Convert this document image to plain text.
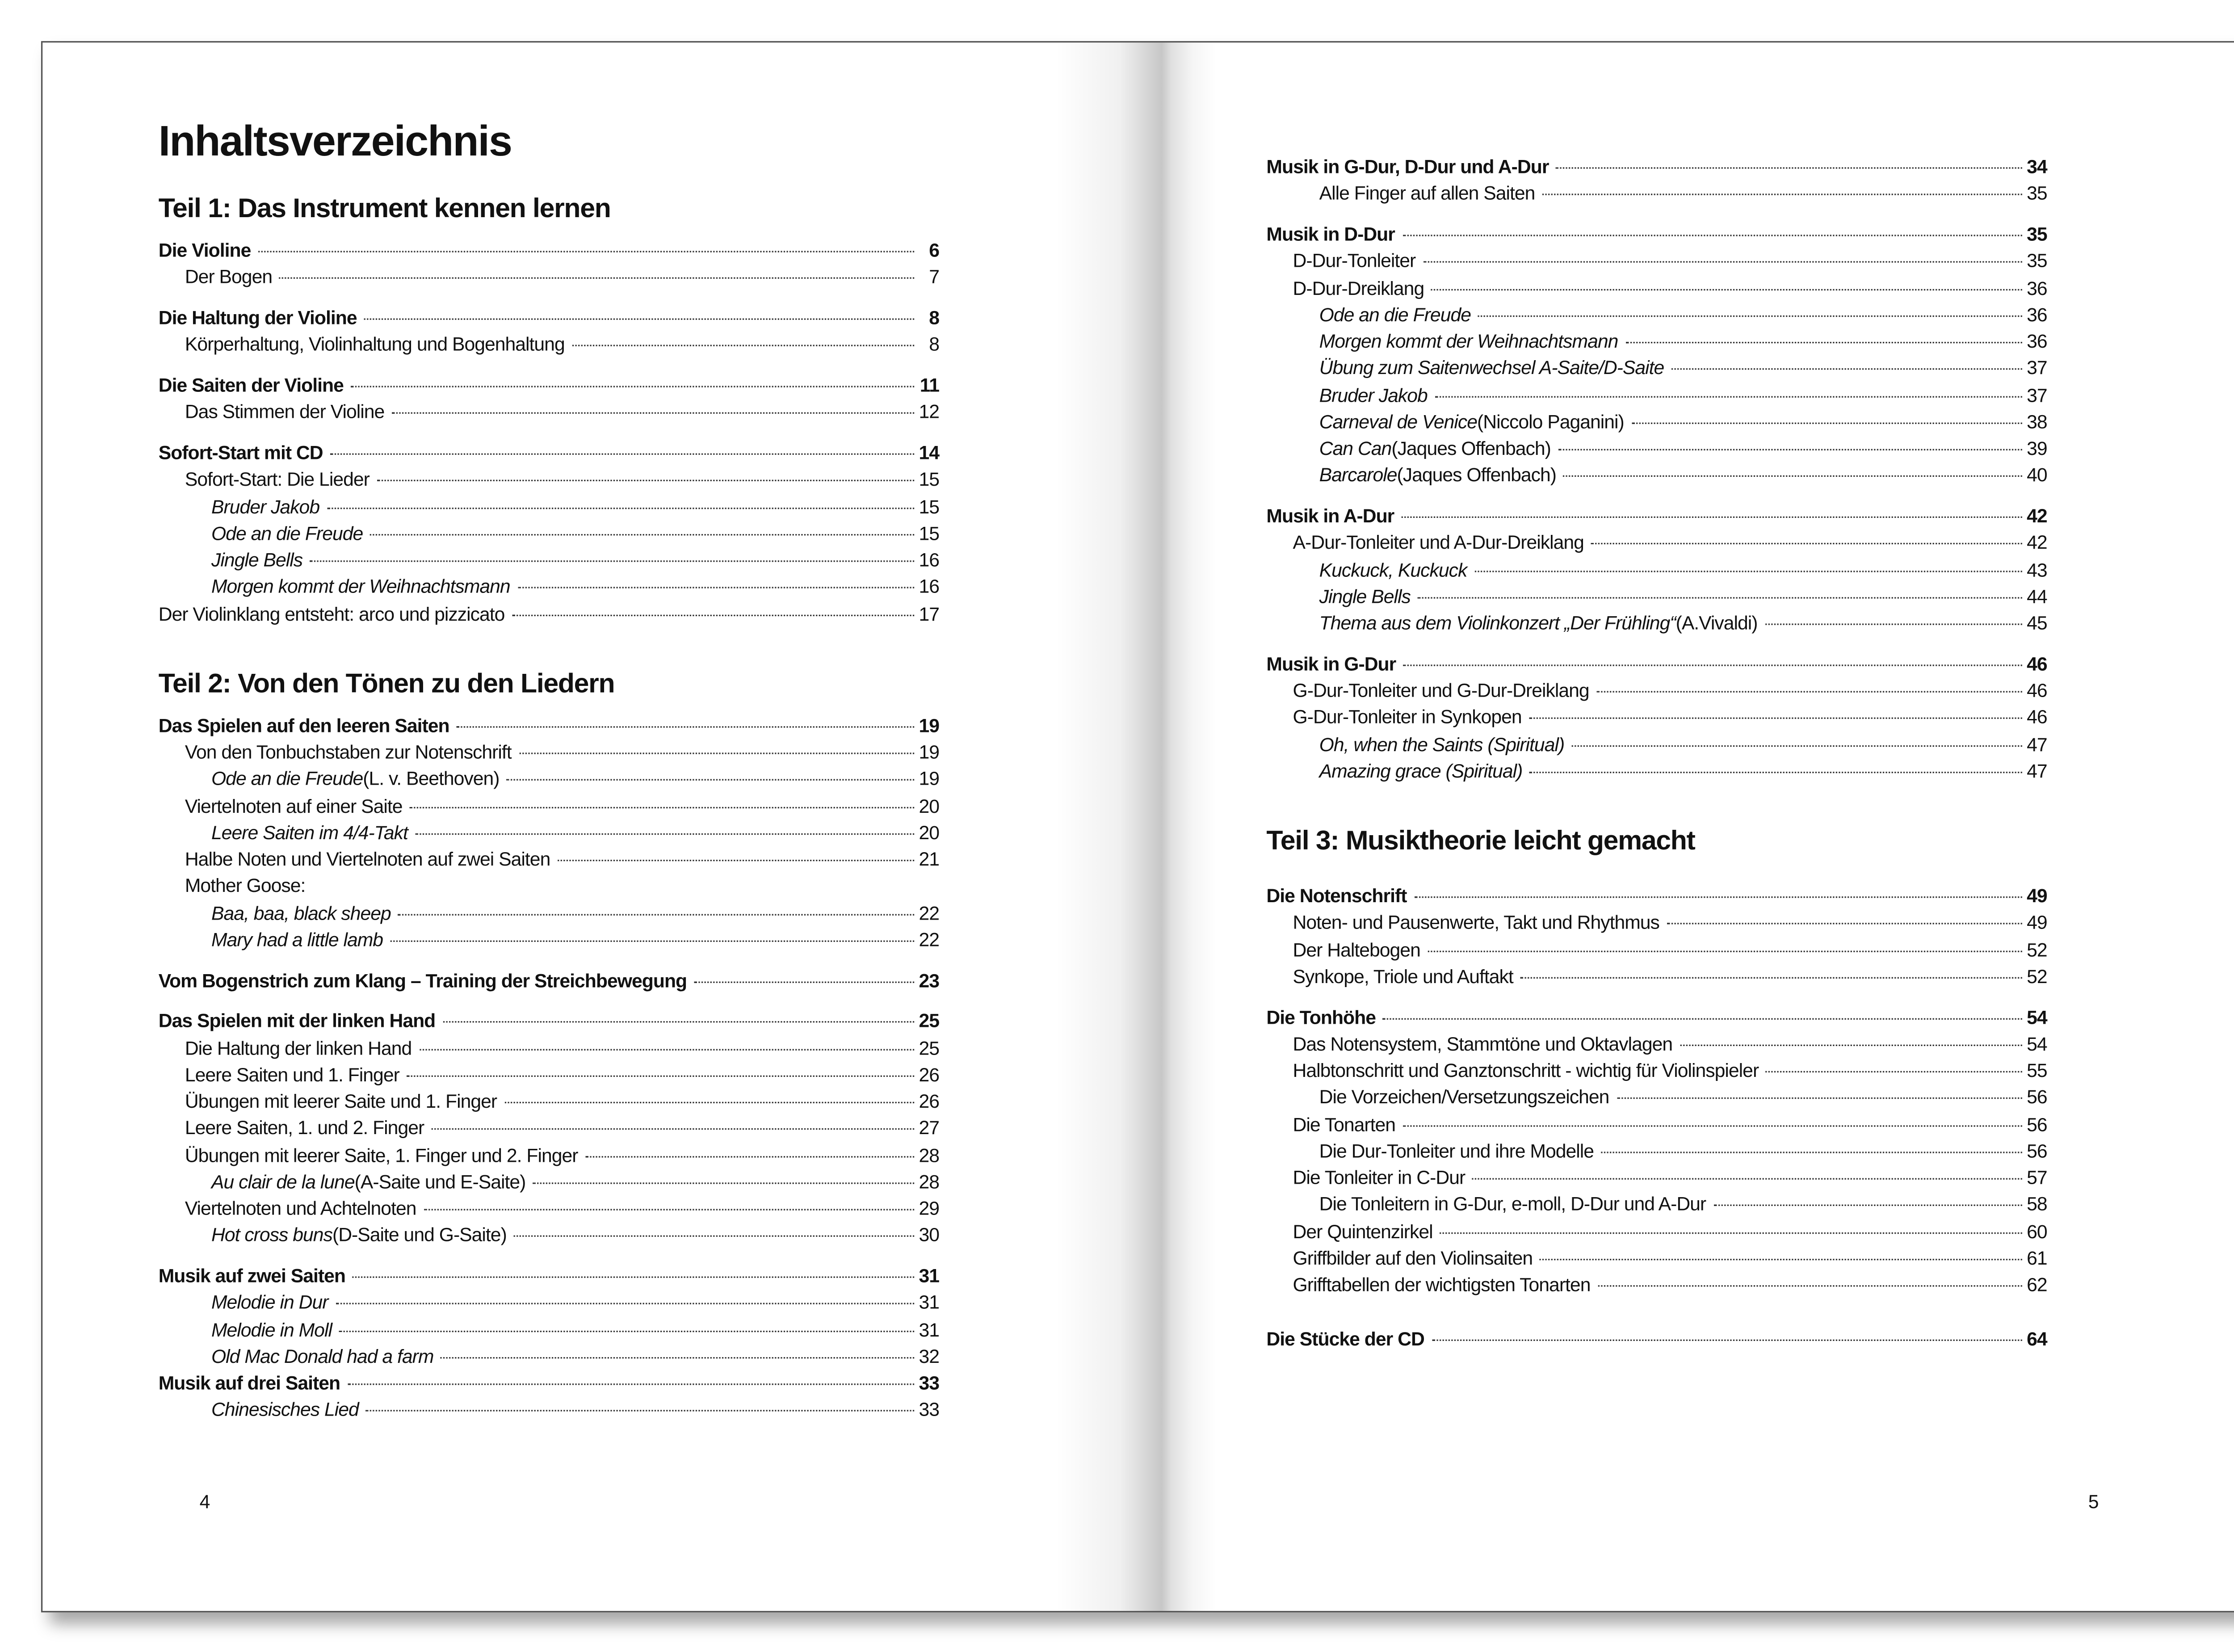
Inhaltsverzeichnis
Teil 1: Das Instrument kennen lernen
Die Violine	6
Der Bogen	7
Die Haltung der Violine	8
Körperhaltung, Violinhaltung und Bogenhaltung	8
Die Saiten der Violine	11
Das Stimmen der Violine	12
Sofort-Start mit CD	14
Sofort-Start: Die Lieder	15
Bruder Jakob	15
Ode an die Freude	15
Jingle Bells	16
Morgen kommt der Weihnachtsmann	16
Der Violinklang entsteht: arco und pizzicato	17
Teil 2: Von den Tönen zu den Liedern
Das Spielen auf den leeren Saiten	19
Von den Tonbuchstaben zur Notenschrift	19
Ode an die Freude (L. v. Beethoven)	19
Viertelnoten auf einer Saite	20
Leere Saiten im 4/4-Takt	20
Halbe Noten und Viertelnoten auf zwei Saiten	21
Mother Goose:
Baa, baa, black sheep	22
Mary had a little lamb	22
Vom Bogenstrich zum Klang – Training der Streichbewegung	23
Das Spielen mit der linken Hand	25
Die Haltung der linken Hand	25
Leere Saiten und 1. Finger	26
Übungen mit leerer Saite und 1. Finger	26
Leere Saiten, 1. und 2. Finger	27
Übungen mit leerer Saite, 1. Finger und 2. Finger	28
Au clair de la lune (A-Saite und E-Saite)	28
Viertelnoten und Achtelnoten	29
Hot cross buns (D-Saite und G-Saite)	30
Musik auf zwei Saiten	31
Melodie in Dur	31
Melodie in Moll	31
Old Mac Donald had a farm	32
Musik auf drei Saiten	33
Chinesisches Lied	33
Musik in G-Dur, D-Dur und A-Dur	34
Alle Finger auf allen Saiten	35
Musik in D-Dur	35
D-Dur-Tonleiter	35
D-Dur-Dreiklang	36
Ode an die Freude	36
Morgen kommt der Weihnachtsmann	36
Übung zum Saitenwechsel A-Saite/D-Saite	37
Bruder Jakob	37
Carneval de Venice (Niccolo Paganini)	38
Can Can (Jaques Offenbach)	39
Barcarole (Jaques Offenbach)	40
Musik in A-Dur	42
A-Dur-Tonleiter und A-Dur-Dreiklang	42
Kuckuck, Kuckuck	43
Jingle Bells	44
Thema aus dem Violinkonzert „Der Frühling“ (A.Vivaldi)	45
Musik in G-Dur	46
G-Dur-Tonleiter und G-Dur-Dreiklang	46
G-Dur-Tonleiter in Synkopen	46
Oh, when the Saints (Spiritual)	47
Amazing grace (Spiritual)	47
Teil 3: Musiktheorie leicht gemacht
Die Notenschrift	49
Noten- und Pausenwerte, Takt und Rhythmus	49
Der Haltebogen	52
Synkope, Triole und Auftakt	52
Die Tonhöhe	54
Das Notensystem, Stammtöne und Oktavlagen	54
Halbtonschritt und Ganztonschritt - wichtig für Violinspieler	55
Die Vorzeichen/Versetzungszeichen	56
Die Tonarten	56
Die Dur-Tonleiter und ihre Modelle	56
Die Tonleiter in C-Dur	57
Die Tonleitern in G-Dur, e-moll, D-Dur und A-Dur	58
Der Quintenzirkel	60
Griffbilder auf den Violinsaiten	61
Grifftabellen der wichtigsten Tonarten	62
Die Stücke der CD	64
4	5
